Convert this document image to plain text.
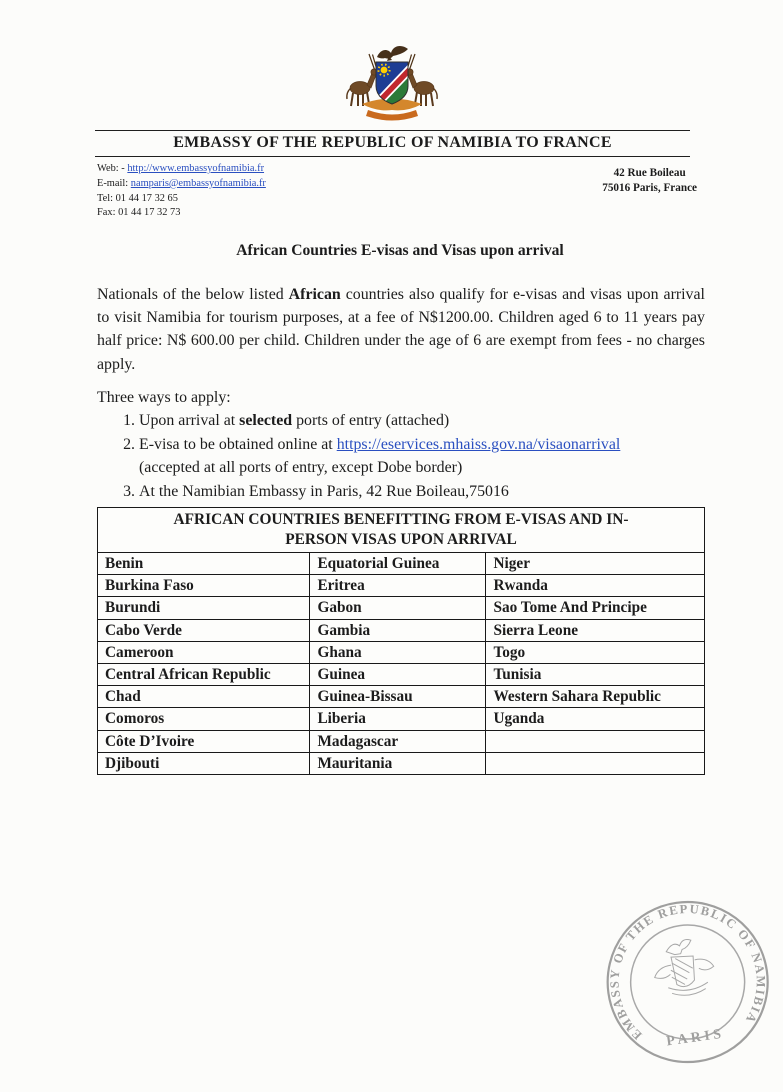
EMBASSY OF THE REPUBLIC OF NAMIBIA TO FRANCE
Web: - http://www.embassyofnamibia.fr
E-mail: namparis@embassyofnamibia.fr
Tel: 01 44 17 32 65
Fax: 01 44 17 32 73
42 Rue Boileau
75016 Paris, France
African Countries E-visas and Visas upon arrival

Nationals of the below listed African countries also qualify for e-visas and visas upon arrival to visit Namibia for tourism purposes, at a fee of N$1200.00. Children aged 6 to 11 years pay half price: N$ 600.00 per child. Children under the age of 6 are exempt from fees - no charges apply.

Three ways to apply:
1. Upon arrival at selected ports of entry (attached)
2. E-visa to be obtained online at https://eservices.mhaiss.gov.na/visaonarrival
(accepted at all ports of entry, except Dobe border)
3. At the Namibian Embassy in Paris, 42 Rue Boileau,75016
AFRICAN COUNTRIES BENEFITTING FROM E-VISAS AND IN-
PERSON VISAS UPON ARRIVAL		

Benin	Equatorial Guinea	Niger
Burkina Faso	Eritrea	Rwanda
Burundi	Gabon	Sao Tome And Principe
Cabo Verde	Gambia	Sierra Leone
Cameroon	Ghana	Togo
Central African Republic	Guinea	Tunisia
Chad	Guinea-Bissau	Western Sahara Republic
Comoros	Liberia	Uganda
Côte D’Ivoire	Madagascar	
Djibouti	Mauritania	
EMBASSY OF THE REPUBLIC OF NAMIBIA
PARIS
